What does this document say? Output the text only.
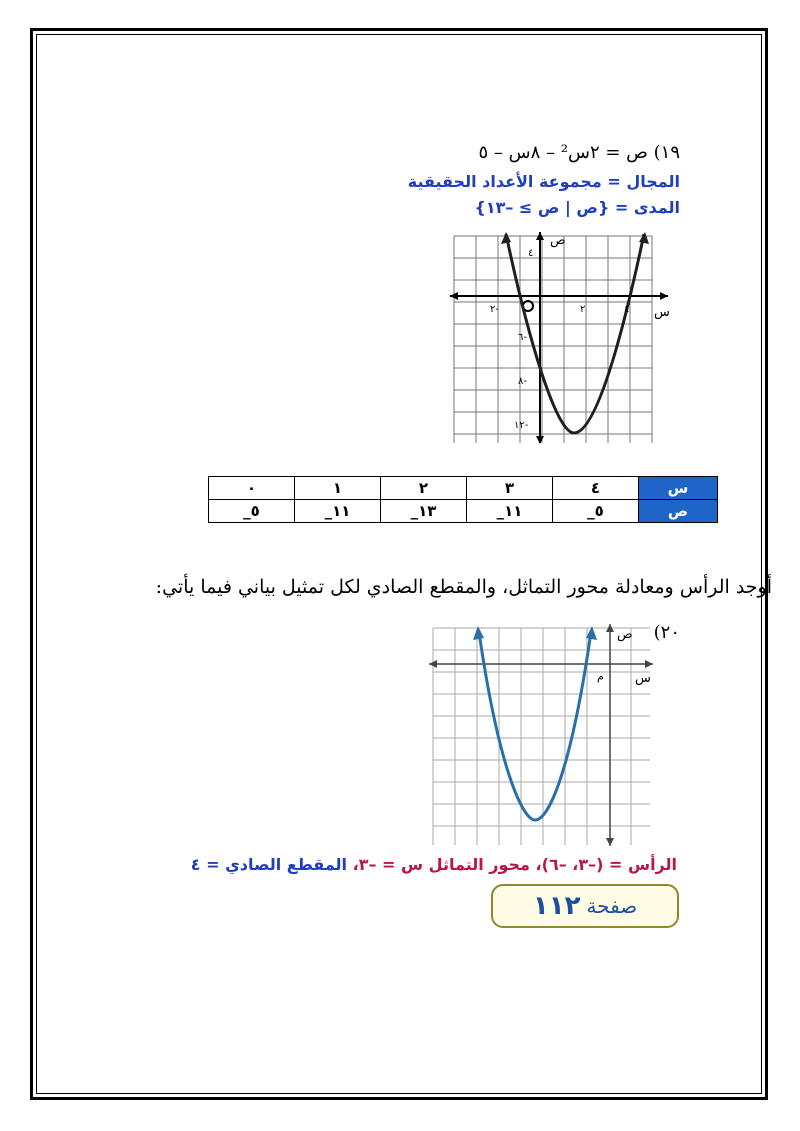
١٩) ص = ٢س² – ٨س – ٥
المجال = مجموعة الأعداد الحقيقية
المدى = {ص | ص ≥ –١٣}
ص
س
٢-	٢	٤
٤
٦-
٨-
١٢-
س	٤	٣	٢	١	٠
ص	٥_	١١_	١٣_	١١_	٥_
أوجد الرأس ومعادلة محور التماثل، والمقطع الصادي لكل تمثيل بياني فيما يأتي:
٢٠)
ص
س
م
الرأس = (–٣، –٦)، محور التماثل س = –٣، المقطع الصادي = ٤
صفحة
١١٢
